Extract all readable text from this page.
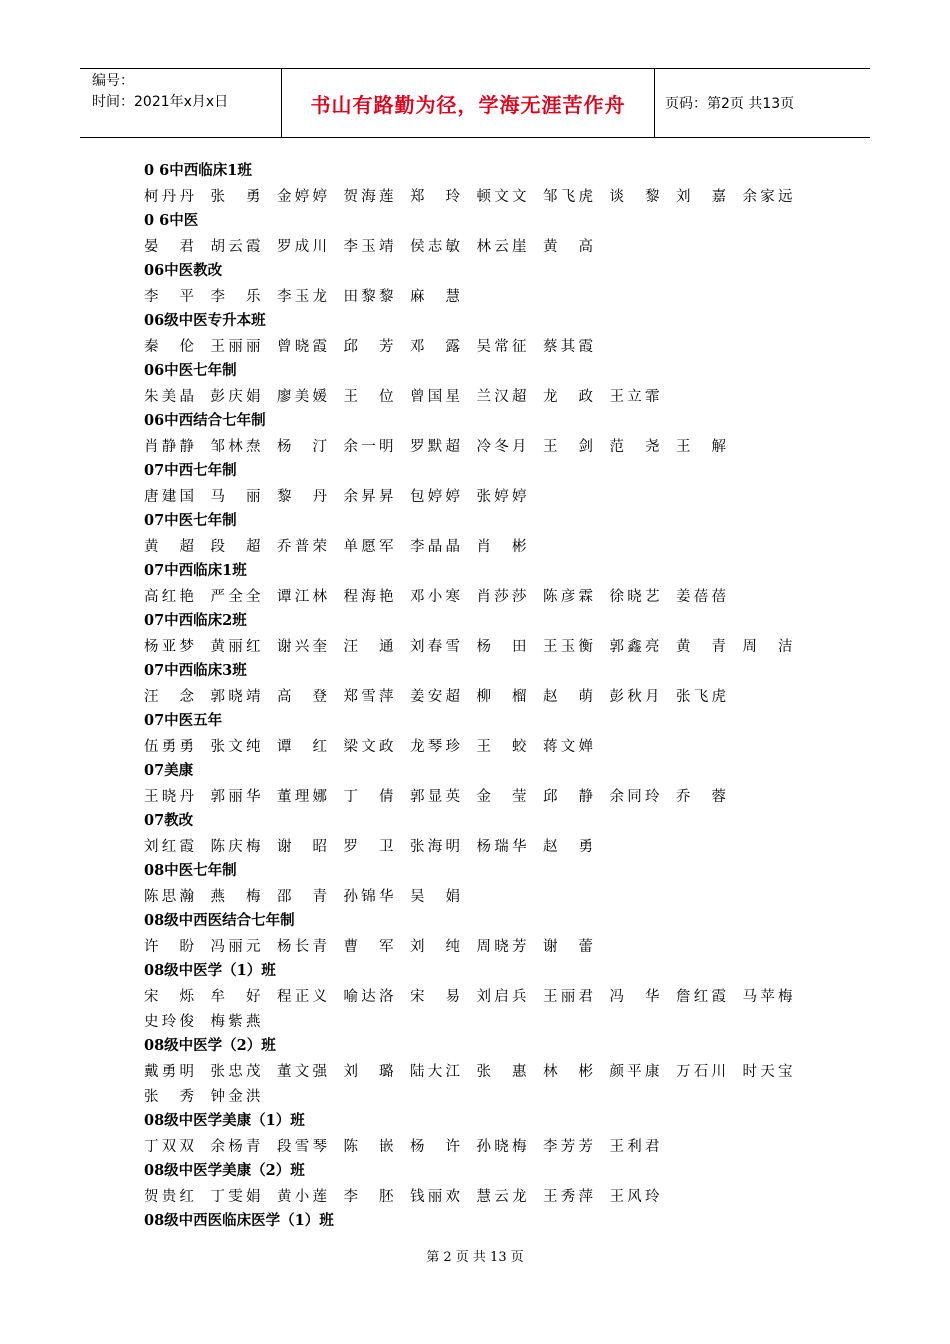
编号：
时间：2021年x月x日	书山有路勤为径，学海无涯苦作舟	页码：第2页 共13页
0 6中西临床1班
柯丹丹 张勇 金婷婷 贺海莲 郑玲 顿文文 邹飞虎 谈黎 刘嘉 余家远
0 6中医
晏君 胡云霞 罗成川 李玉靖 侯志敏 林云崖 黄高
06中医教改
李平 李乐 李玉龙 田黎黎 麻慧
06级中医专升本班
秦伦 王丽丽 曾晓霞 邱芳 邓露 吴常征 蔡其霞
06中医七年制
朱美晶 彭庆娟 廖美媛 王位 曾国星 兰汉超 龙政 王立霏
06中西结合七年制
肖静静 邹林焘 杨汀 余一明 罗默超 冷冬月 王剑 范尧 王解
07中西七年制
唐建国 马丽 黎丹 余昇昇 包婷婷 张婷婷
07中医七年制
黄超 段超 乔普荣 单愿军 李晶晶 肖彬
07中西临床1班
高红艳 严全全 谭江林 程海艳 邓小寒 肖莎莎 陈彦霖 徐晓艺 姜蓓蓓
07中西临床2班
杨亚梦 黄丽红 谢兴奎 汪通 刘春雪 杨田 王玉衡 郭鑫亮 黄青 周洁
07中西临床3班
汪念 郭晓靖 高登 郑雪萍 姜安超 柳榴 赵萌 彭秋月 张飞虎
07中医五年
伍勇勇 张文纯 谭红 梁文政 龙琴珍 王蛟 蒋文婵
07美康
王晓丹 郭丽华 董理娜 丁倩 郭显英 金莹 邱静 余同玲 乔蓉
07教改
刘红霞 陈庆梅 谢昭 罗卫 张海明 杨瑞华 赵勇
08中医七年制
陈思瀚 燕梅 邵青 孙锦华 吴娟
08级中西医结合七年制
许盼 冯丽元 杨长青 曹军 刘纯 周晓芳 谢蕾
08级中医学（1）班
宋烁 牟好 程正义 喻达洛 宋易 刘启兵 王丽君 冯华 詹红霞 马苹梅
史玲俊 梅紫燕
08级中医学（2）班
戴勇明 张忠茂 董文强 刘璐 陆大江 张惠 林彬 颜平康 万石川 时天宝
张秀 钟金洪
08级中医学美康（1）班
丁双双 余杨青 段雪琴 陈嵌 杨许 孙晓梅 李芳芳 王利君
08级中医学美康（2）班
贺贵红 丁雯娟 黄小莲 李胚 钱丽欢 慧云龙 王秀萍 王风玲
08级中西医临床医学（1）班
第 2 页 共 13 页
